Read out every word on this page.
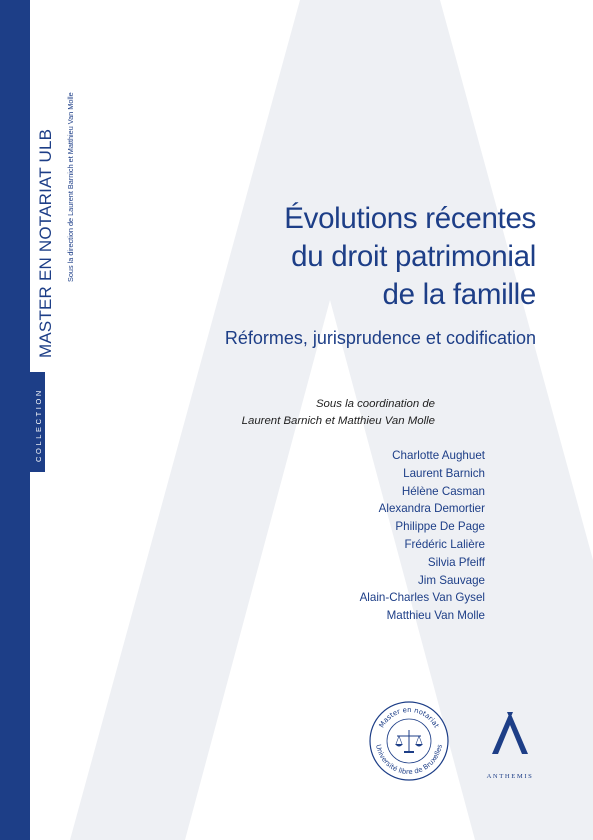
COLLECTION
MASTER EN NOTARIAT ULB Sous la direction de Laurent Barnich et Matthieu Van Molle	Évolutions récentes
du droit patrimonial
de la famille
Réformes, jurisprudence et codification
Sous la coordination de
Laurent Barnich et Matthieu Van Molle
Charlotte Aughuet
Laurent Barnich
Hélène Casman
Alexandra Demortier
Philippe De Page
Frédéric Lalière
Silvia Pfeiff
Jim Sauvage
Alain-Charles Van Gysel
Matthieu Van Molle
Master en notariat
Université libre de Bruxelles
ANTHEMIS
